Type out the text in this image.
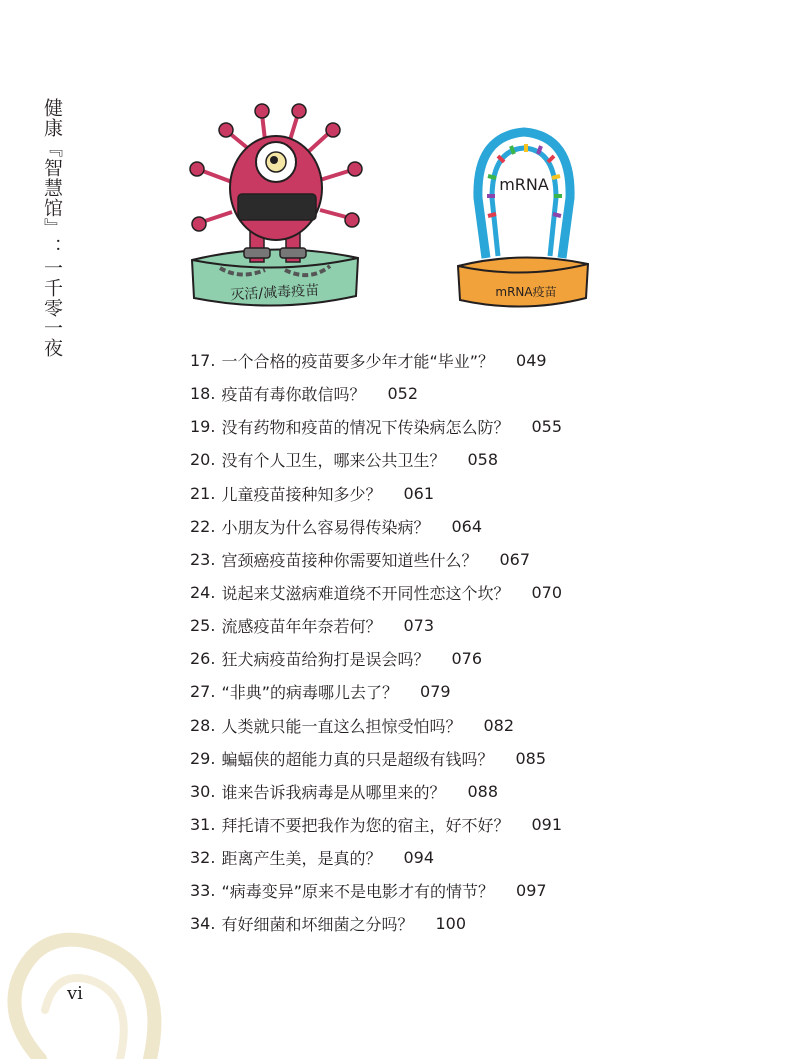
健康『智慧馆』：一千零一夜	灭活/减毒疫苗
mRNA
mRNA疫苗
17. 一个合格的疫苗要多少年才能“毕业”？ 049
18. 疫苗有毒你敢信吗？ 052
19. 没有药物和疫苗的情况下传染病怎么防？ 055
20. 没有个人卫生，哪来公共卫生？ 058
21. 儿童疫苗接种知多少？ 061
22. 小朋友为什么容易得传染病？ 064
23. 宫颈癌疫苗接种你需要知道些什么？ 067
24. 说起来艾滋病难道绕不开同性恋这个坎？ 070
25. 流感疫苗年年奈若何？ 073
26. 狂犬病疫苗给狗打是误会吗？ 076
27. “非典”的病毒哪儿去了？ 079
28. 人类就只能一直这么担惊受怕吗？ 082
29. 蝙蝠侠的超能力真的只是超级有钱吗？ 085
30. 谁来告诉我病毒是从哪里来的？ 088
31. 拜托请不要把我作为您的宿主，好不好？ 091
32. 距离产生美，是真的？ 094
33. “病毒变异”原来不是电影才有的情节？ 097
34. 有好细菌和坏细菌之分吗？ 100
vi
